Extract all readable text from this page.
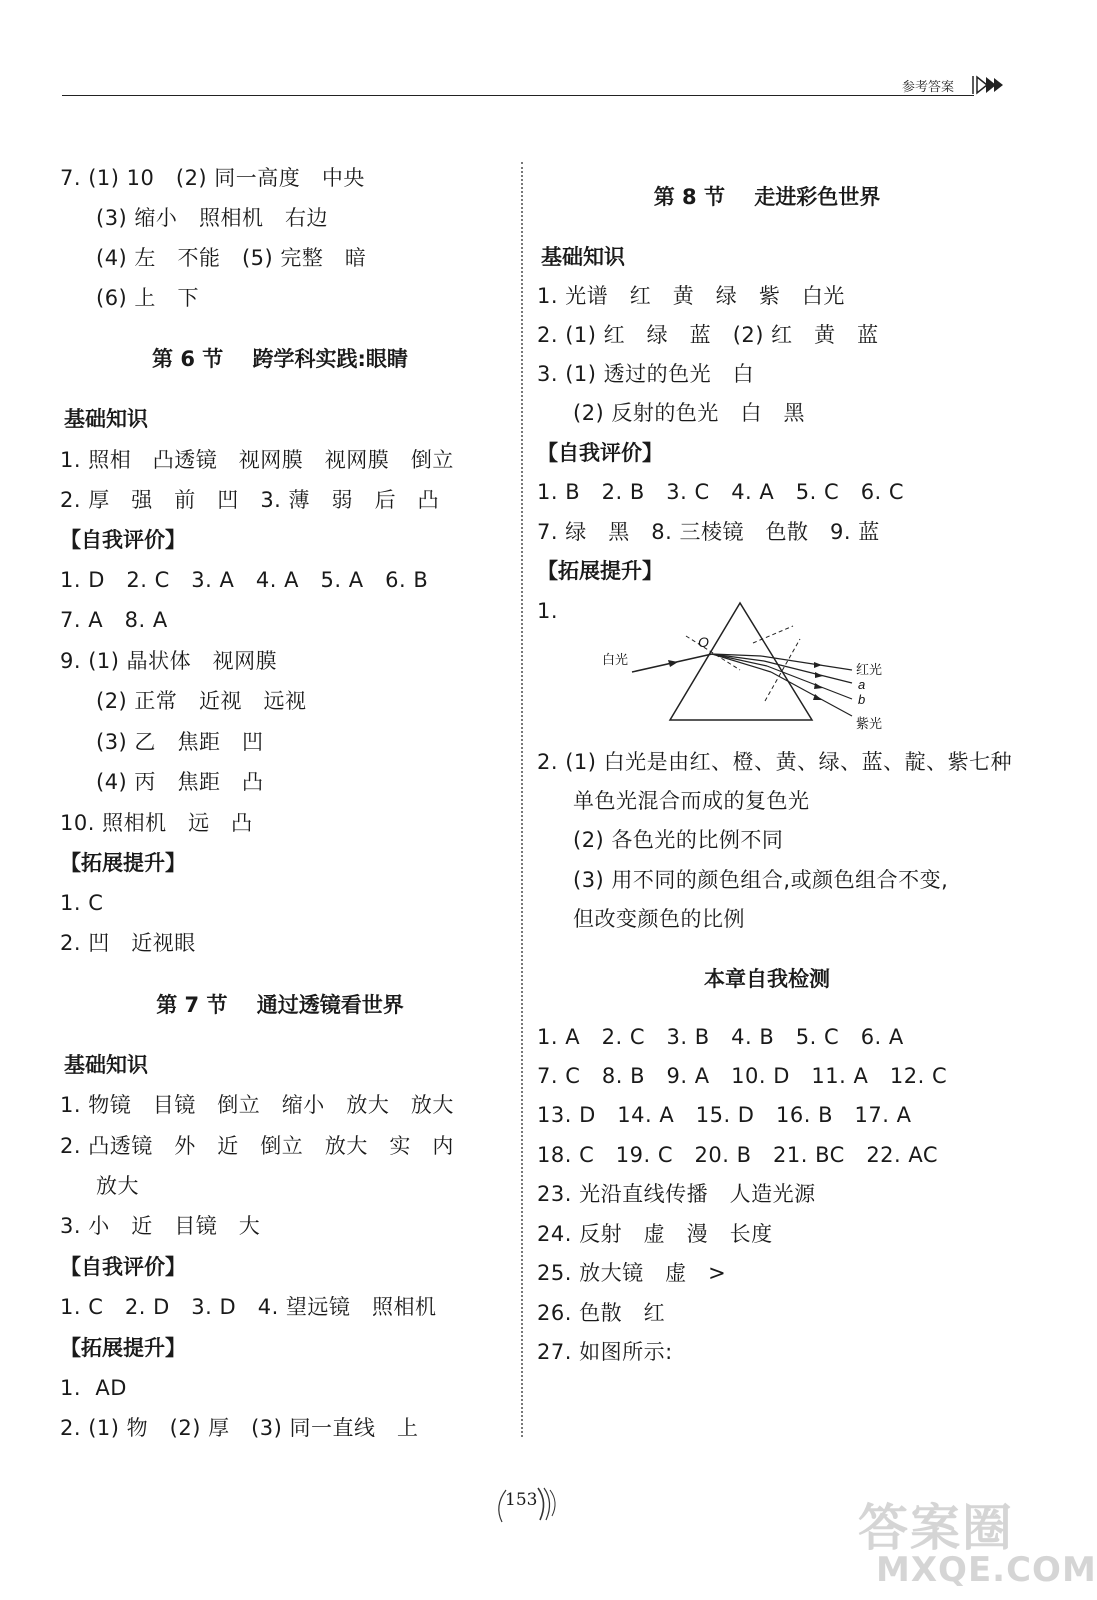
参考答案
7. (1) 10   (2) 同一高度   中央
(3) 缩小   照相机   右边
(4) 左   不能   (5) 完整   暗
(6) 上   下
第 6 节    跨学科实践:眼睛
基础知识
1. 照相   凸透镜   视网膜   视网膜   倒立
2. 厚   强   前   凹   3. 薄   弱   后   凸
【自我评价】
1. D   2. C   3. A   4. A   5. A   6. B
7. A   8. A
9. (1) 晶状体   视网膜
(2) 正常   近视   远视
(3) 乙   焦距   凹
(4) 丙   焦距   凸
10. 照相机   远   凸
【拓展提升】
1. C
2. 凹   近视眼
第 7 节    通过透镜看世界
基础知识
1. 物镜   目镜   倒立   缩小   放大   放大
2. 凸透镜   外   近   倒立   放大   实   内
放大
3. 小   近   目镜   大
【自我评价】
1. C   2. D   3. D   4. 望远镜   照相机
【拓展提升】
1.  AD
2. (1) 物   (2) 厚   (3) 同一直线   上
第 8 节    走进彩色世界
基础知识
1. 光谱   红   黄   绿   紫   白光
2. (1) 红   绿   蓝   (2) 红   黄   蓝
3. (1) 透过的色光   白
(2) 反射的色光   白   黑
【自我评价】
1. B   2. B   3. C   4. A   5. C   6. C
7. 绿   黑   8. 三棱镜   色散   9. 蓝
【拓展提升】
1.
2. (1) 白光是由红、橙、黄、绿、蓝、靛、紫七种
单色光混合而成的复色光
(2) 各色光的比例不同
(3) 用不同的颜色组合,或颜色组合不变,
但改变颜色的比例
本章自我检测
1. A   2. C   3. B   4. B   5. C   6. A
7. C   8. B   9. A   10. D   11. A   12. C
13. D   14. A   15. D   16. B   17. A
18. C   19. C   20. B   21. BC   22. AC
23. 光沿直线传播   人造光源
24. 反射   虚   漫   长度
25. 放大镜   虚   >
26. 色散   红
27. 如图所示:
白光
O
红光
a
b
紫光
153	答案圈
MXQE.COM
